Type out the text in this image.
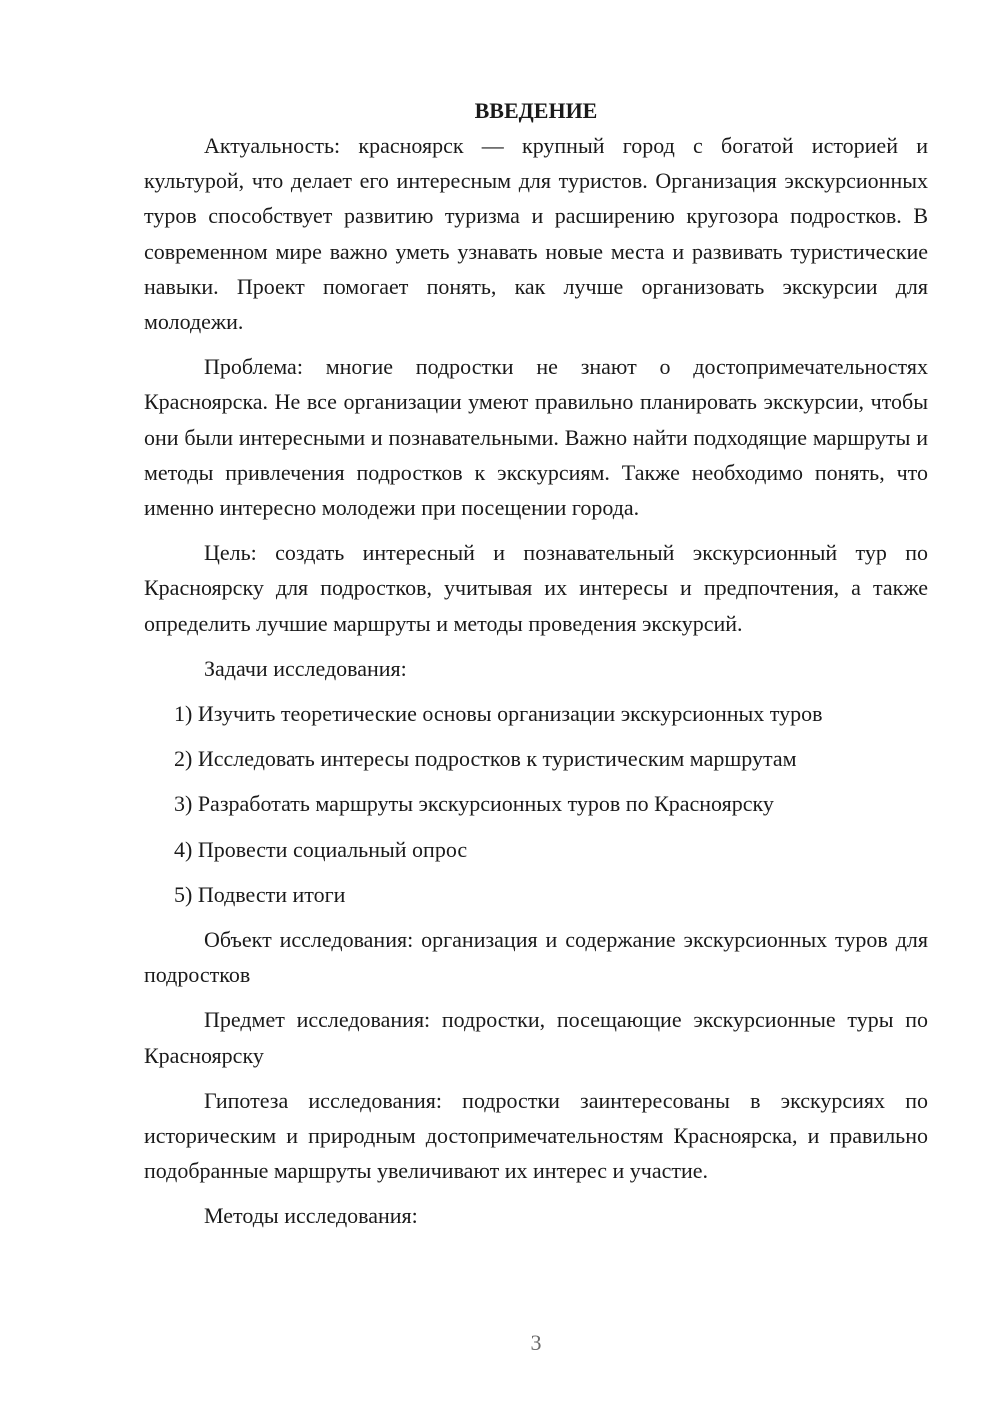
ВВЕДЕНИЕ

Актуальность: красноярск — крупный город с богатой историей и культурой, что делает его интересным для туристов. Организация экскурсионных туров способствует развитию туризма и расширению кругозора подростков. В современном мире важно уметь узнавать новые места и развивать туристические навыки. Проект помогает понять, как лучше организовать экскурсии для молодежи.

Проблема: многие подростки не знают о достопримечательностях Красноярска. Не все организации умеют правильно планировать экскурсии, чтобы они были интересными и познавательными. Важно найти подходящие маршруты и методы привлечения подростков к экскурсиям. Также необходимо понять, что именно интересно молодежи при посещении города.

Цель: создать интересный и познавательный экскурсионный тур по Красноярску для подростков, учитывая их интересы и предпочтения, а также определить лучшие маршруты и методы проведения экскурсий.

Задачи исследования:

1) Изучить теоретические основы организации экскурсионных туров
2) Исследовать интересы подростков к туристическим маршрутам
3) Разработать маршруты экскурсионных туров по Красноярску
4) Провести социальный опрос
5) Подвести итоги

Объект исследования: организация и содержание экскурсионных туров для подростков

Предмет исследования: подростки, посещающие экскурсионные туры по Красноярску

Гипотеза исследования: подростки заинтересованы в экскурсиях по историческим и природным достопримечательностям Красноярска, и правильно подобранные маршруты увеличивают их интерес и участие.

Методы исследования:

3
